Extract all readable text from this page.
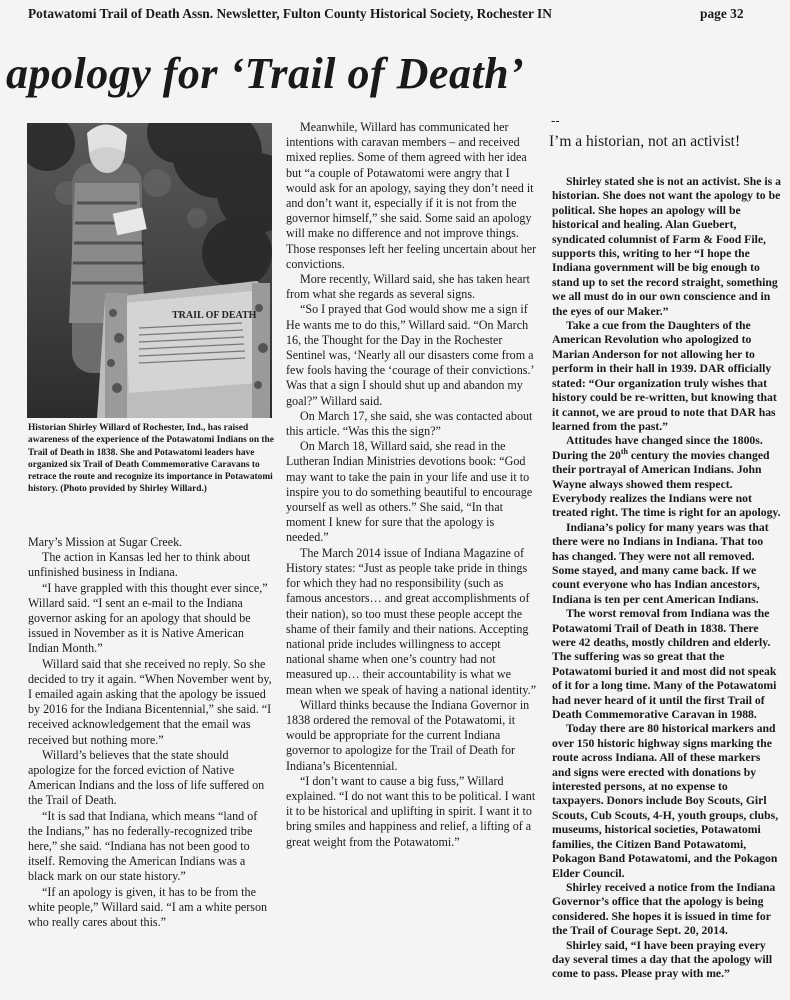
Potawatomi Trail of Death Assn. Newsletter, Fulton County Historical Society, Rochester IN	page 32
apology for ‘Trail of Death’
TRAIL OF DEATH

Historian Shirley Willard of Rochester, Ind., has raised awareness of the experience of the Potawatomi Indians on the Trail of Death in 1838. She and Potawatomi leaders have organized six Trail of Death Commemorative Caravans to retrace the route and recognize its importance in Potawatomi history. (Photo provided by Shirley Willard.)

Mary’s Mission at Sugar Creek.

The action in Kansas led her to think about unfinished business in Indiana.

“I have grappled with this thought ever since,” Willard said. “I sent an e-mail to the Indiana governor asking for an apology that should be issued in November as it is Native American Indian Month.”

Willard said that she received no reply. So she decided to try it again. “When November went by, I emailed again asking that the apology be issued by 2016 for the Indiana Bicentennial,” she said. “I received acknowledgement that the email was received but nothing more.”

Willard’s believes that the state should apologize for the forced eviction of Native American Indians and the loss of life suffered on the Trail of Death.

“It is sad that Indiana, which means “land of the Indians,” has no federally-recognized tribe here,” she said. “Indiana has not been good to itself. Removing the American Indians was a black mark on our state history.”

“If an apology is given, it has to be from the white people,” Willard said. “I am a white person who really cares about this.”

Meanwhile, Willard has communicated her intentions with caravan members – and received mixed replies. Some of them agreed with her idea but “a couple of Potawatomi were angry that I would ask for an apology, saying they don’t need it and don’t want it, especially if it is not from the governor himself,” she said. Some said an apology will make no difference and not improve things. Those responses left her feeling uncertain about her convictions.

More recently, Willard said, she has taken heart from what she regards as several signs.

“So I prayed that God would show me a sign if He wants me to do this,” Willard said. “On March 16, the Thought for the Day in the Rochester Sentinel was, ‘Nearly all our disasters come from a few fools having the ‘courage of their convictions.’ Was that a sign I should shut up and abandon my goal?” Willard said.

On March 17, she said, she was contacted about this article. “Was this the sign?”

On March 18, Willard said, she read in the Lutheran Indian Ministries devotions book: “God may want to take the pain in your life and use it to inspire you to do something beautiful to encourage yourself as well as others.” She said, “In that moment I knew for sure that the apology is needed.”

The March 2014 issue of Indiana Magazine of History states: “Just as people take pride in things for which they had no responsibility (such as famous ancestors… and great accomplishments of their nation), so too must these people accept the shame of their family and their nations. Accepting national pride includes willingness to accept national shame when one’s country had not measured up… their accountability is what we mean when we speak of having a national identity.”

Willard thinks because the Indiana Governor in 1838 ordered the removal of the Potawatomi, it would be appropriate for the current Indiana governor to apologize for the Trail of Death for Indiana’s Bicentennial.

“I don’t want to cause a big fuss,” Willard explained. “I do not want this to be political. I want it to be historical and uplifting in spirit. I want it to bring smiles and happiness and relief, a lifting of a great weight from the Potawatomi.”

--
I’m a historian, not an activist!

Shirley stated she is not an activist. She is a historian. She does not want the apology to be political. She hopes an apology will be historical and healing. Alan Guebert, syndicated columnist of Farm & Food File, supports this, writing to her “I hope the Indiana government will be big enough to stand up to set the record straight, something we all must do in our own conscience and in the eyes of our Maker.”

Take a cue from the Daughters of the American Revolution who apologized to Marian Anderson for not allowing her to perform in their hall in 1939. DAR officially stated: “Our organization truly wishes that history could be re-written, but knowing that it cannot, we are proud to note that DAR has learned from the past.”

Attitudes have changed since the 1800s. During the 20th century the movies changed their portrayal of American Indians. John Wayne always showed them respect. Everybody realizes the Indians were not treated right. The time is right for an apology.

Indiana’s policy for many years was that there were no Indians in Indiana. That too has changed. They were not all removed. Some stayed, and many came back. If we count everyone who has Indian ancestors, Indiana is ten per cent American Indians.

The worst removal from Indiana was the Potawatomi Trail of Death in 1838. There were 42 deaths, mostly children and elderly. The suffering was so great that the Potawatomi buried it and most did not speak of it for a long time. Many of the Potawatomi had never heard of it until the first Trail of Death Commemorative Caravan in 1988.

Today there are 80 historical markers and over 150 historic highway signs marking the route across Indiana. All of these markers and signs were erected with donations by interested persons, at no expense to taxpayers. Donors include Boy Scouts, Girl Scouts, Cub Scouts, 4-H, youth groups, clubs, museums, historical societies, Potawatomi families, the Citizen Band Potawatomi, Pokagon Band Potawatomi, and the Pokagon Elder Council.

Shirley received a notice from the Indiana Governor’s office that the apology is being considered. She hopes it is issued in time for the Trail of Courage Sept. 20, 2014.

Shirley said, “I have been praying every day several times a day that the apology will come to pass. Please pray with me.”
